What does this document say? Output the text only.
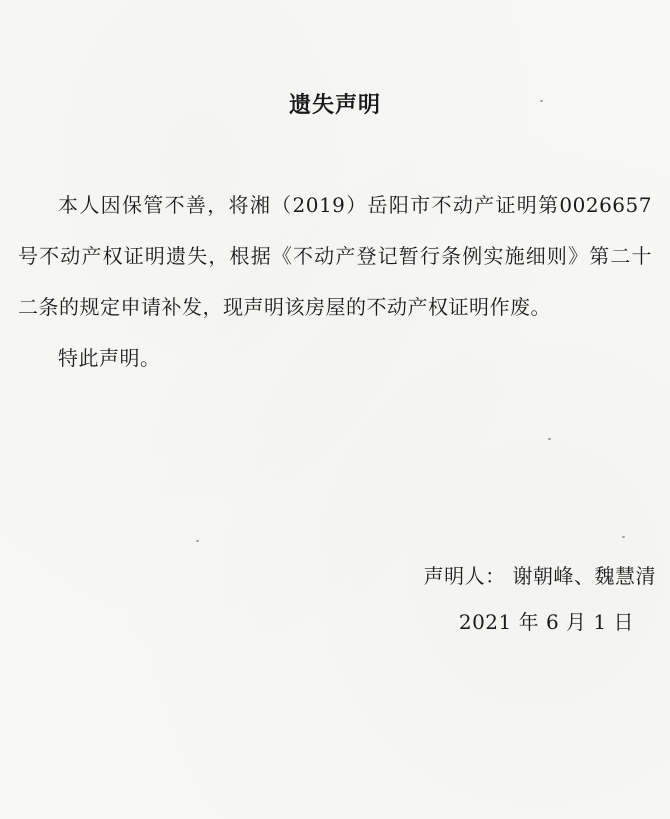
遗失声明

本人因保管不善，将湘（2019）岳阳市不动产证明第0026657号不动产权证明遗失，根据《不动产登记暂行条例实施细则》第二十二条的规定申请补发，现声明该房屋的不动产权证明作废。

特此声明。

声明人： 谢朝峰、魏慧清
2021 年 6 月 1 日
